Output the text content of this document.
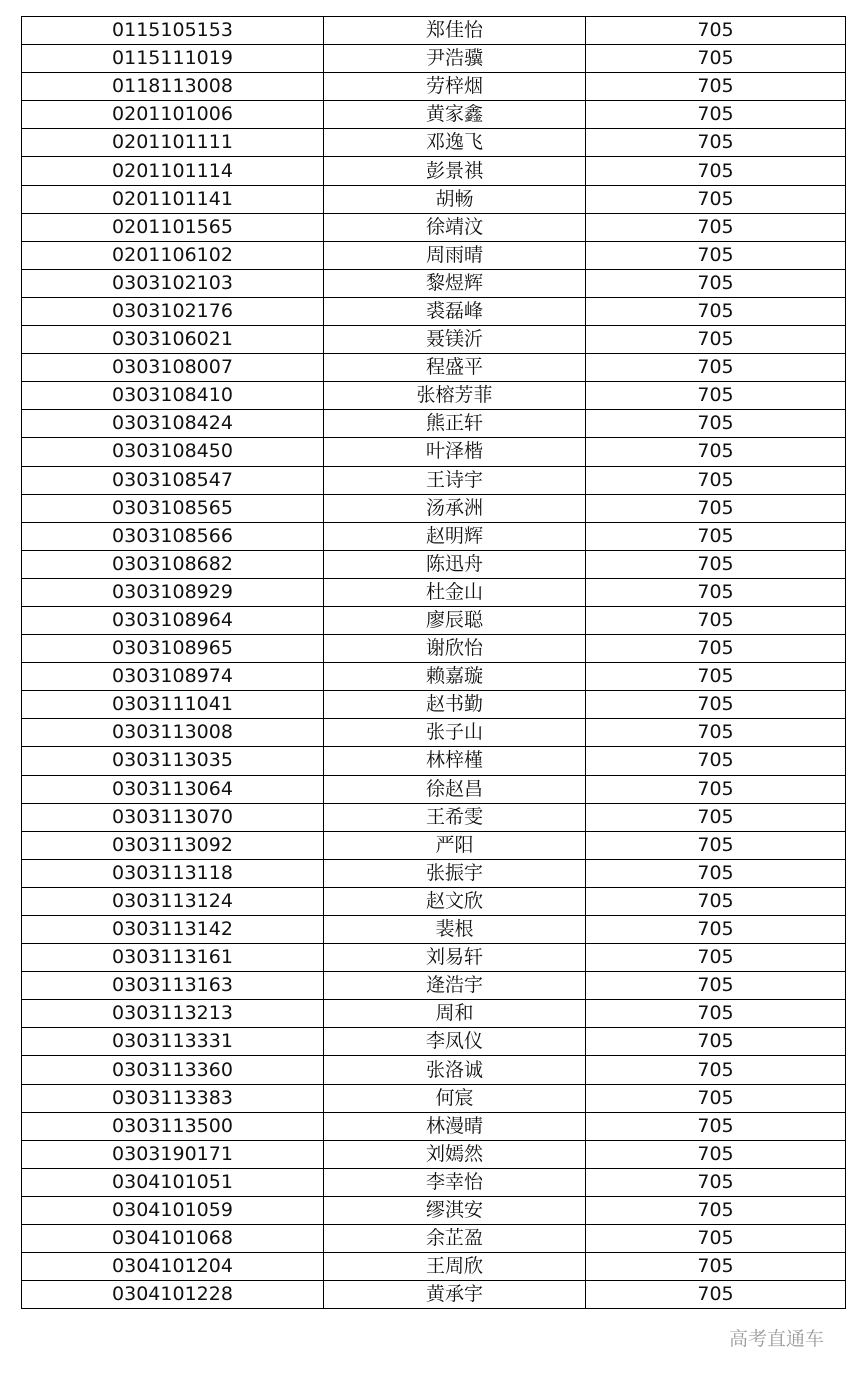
0115105153	郑佳怡	705
0115111019	尹浩骥	705
0118113008	劳梓烟	705
0201101006	黄家鑫	705
0201101111	邓逸飞	705
0201101114	彭景祺	705
0201101141	胡畅	705
0201101565	徐靖汶	705
0201106102	周雨晴	705
0303102103	黎煜辉	705
0303102176	裘磊峰	705
0303106021	聂镁沂	705
0303108007	程盛平	705
0303108410	张榕芳菲	705
0303108424	熊正轩	705
0303108450	叶泽楷	705
0303108547	王诗宇	705
0303108565	汤承洲	705
0303108566	赵明辉	705
0303108682	陈迅舟	705
0303108929	杜金山	705
0303108964	廖辰聪	705
0303108965	谢欣怡	705
0303108974	赖嘉璇	705
0303111041	赵书勤	705
0303113008	张子山	705
0303113035	林梓槿	705
0303113064	徐赵昌	705
0303113070	王希雯	705
0303113092	严阳	705
0303113118	张振宇	705
0303113124	赵文欣	705
0303113142	裴根	705
0303113161	刘易轩	705
0303113163	逄浩宇	705
0303113213	周和	705
0303113331	李凤仪	705
0303113360	张洛诚	705
0303113383	何宸	705
0303113500	林漫晴	705
0303190171	刘嫣然	705
0304101051	李幸怡	705
0304101059	缪淇安	705
0304101068	余芷盈	705
0304101204	王周欣	705
0304101228	黄承宇	705
高考直通车
